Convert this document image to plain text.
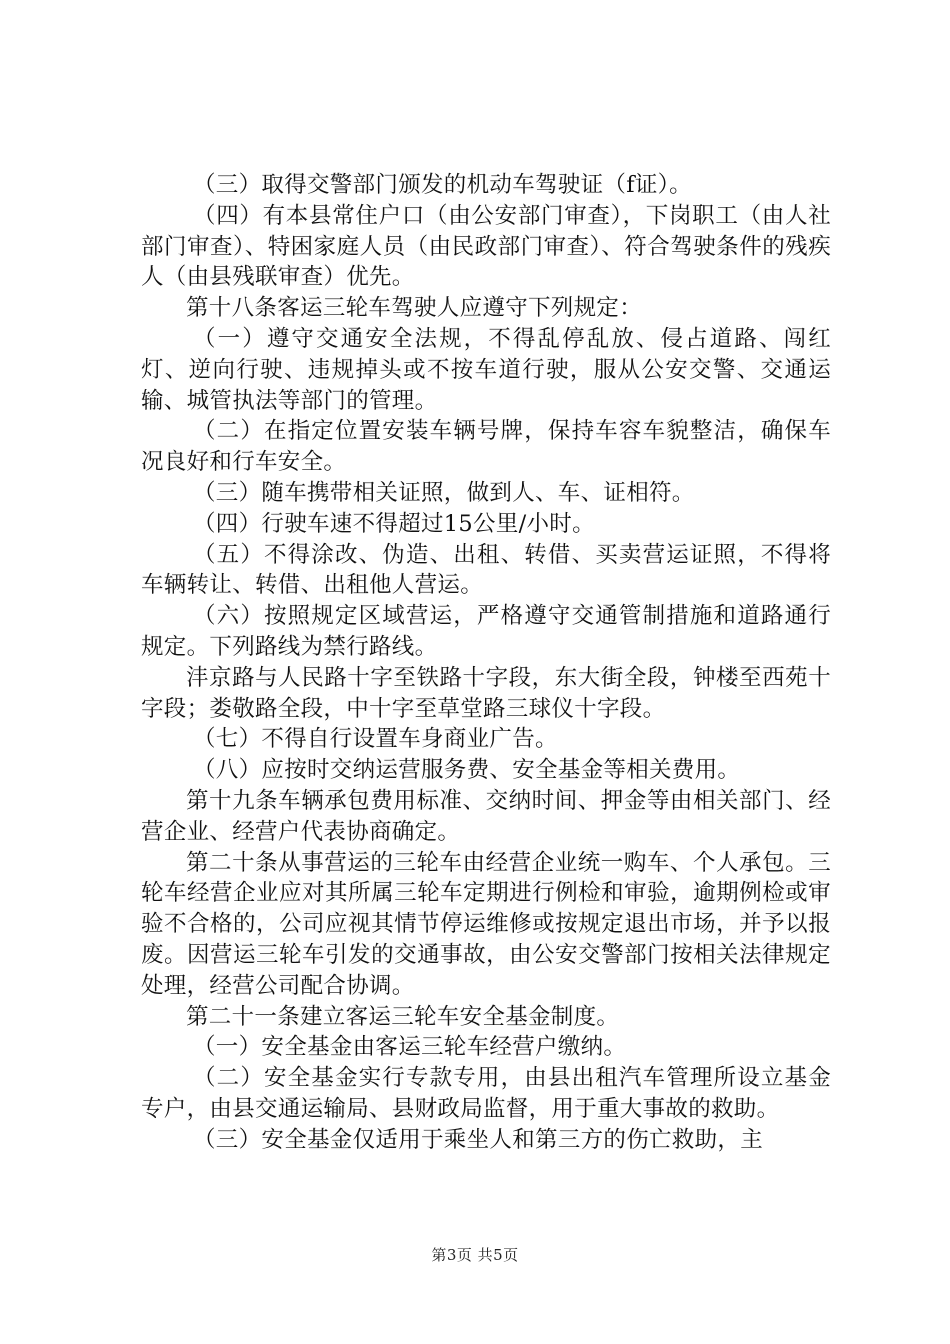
（三）取得交警部门颁发的机动车驾驶证（f证）。

（四）有本县常住户口（由公安部门审查），下岗职工（由人社部门审查）、特困家庭人员（由民政部门审查）、符合驾驶条件的残疾人（由县残联审查）优先。

第十八条客运三轮车驾驶人应遵守下列规定：

（一）遵守交通安全法规，不得乱停乱放、侵占道路、闯红灯、逆向行驶、违规掉头或不按车道行驶，服从公安交警、交通运输、城管执法等部门的管理。

（二）在指定位置安装车辆号牌，保持车容车貌整洁，确保车况良好和行车安全。

（三）随车携带相关证照，做到人、车、证相符。

（四）行驶车速不得超过15公里/小时。

（五）不得涂改、伪造、出租、转借、买卖营运证照，不得将车辆转让、转借、出租他人营运。

（六）按照规定区域营运，严格遵守交通管制措施和道路通行规定。下列路线为禁行路线。

沣京路与人民路十字至铁路十字段，东大街全段，钟楼至西苑十字段；娄敬路全段，中十字至草堂路三球仪十字段。

（七）不得自行设置车身商业广告。

（八）应按时交纳运营服务费、安全基金等相关费用。

第十九条车辆承包费用标准、交纳时间、押金等由相关部门、经营企业、经营户代表协商确定。

第二十条从事营运的三轮车由经营企业统一购车、个人承包。三轮车经营企业应对其所属三轮车定期进行例检和审验，逾期例检或审验不合格的，公司应视其情节停运维修或按规定退出市场，并予以报废。因营运三轮车引发的交通事故，由公安交警部门按相关法律规定处理，经营公司配合协调。

第二十一条建立客运三轮车安全基金制度。

（一）安全基金由客运三轮车经营户缴纳。

（二）安全基金实行专款专用，由县出租汽车管理所设立基金专户，由县交通运输局、县财政局监督，用于重大事故的救助。

（三）安全基金仅适用于乘坐人和第三方的伤亡救助，主

第3页 共5页
